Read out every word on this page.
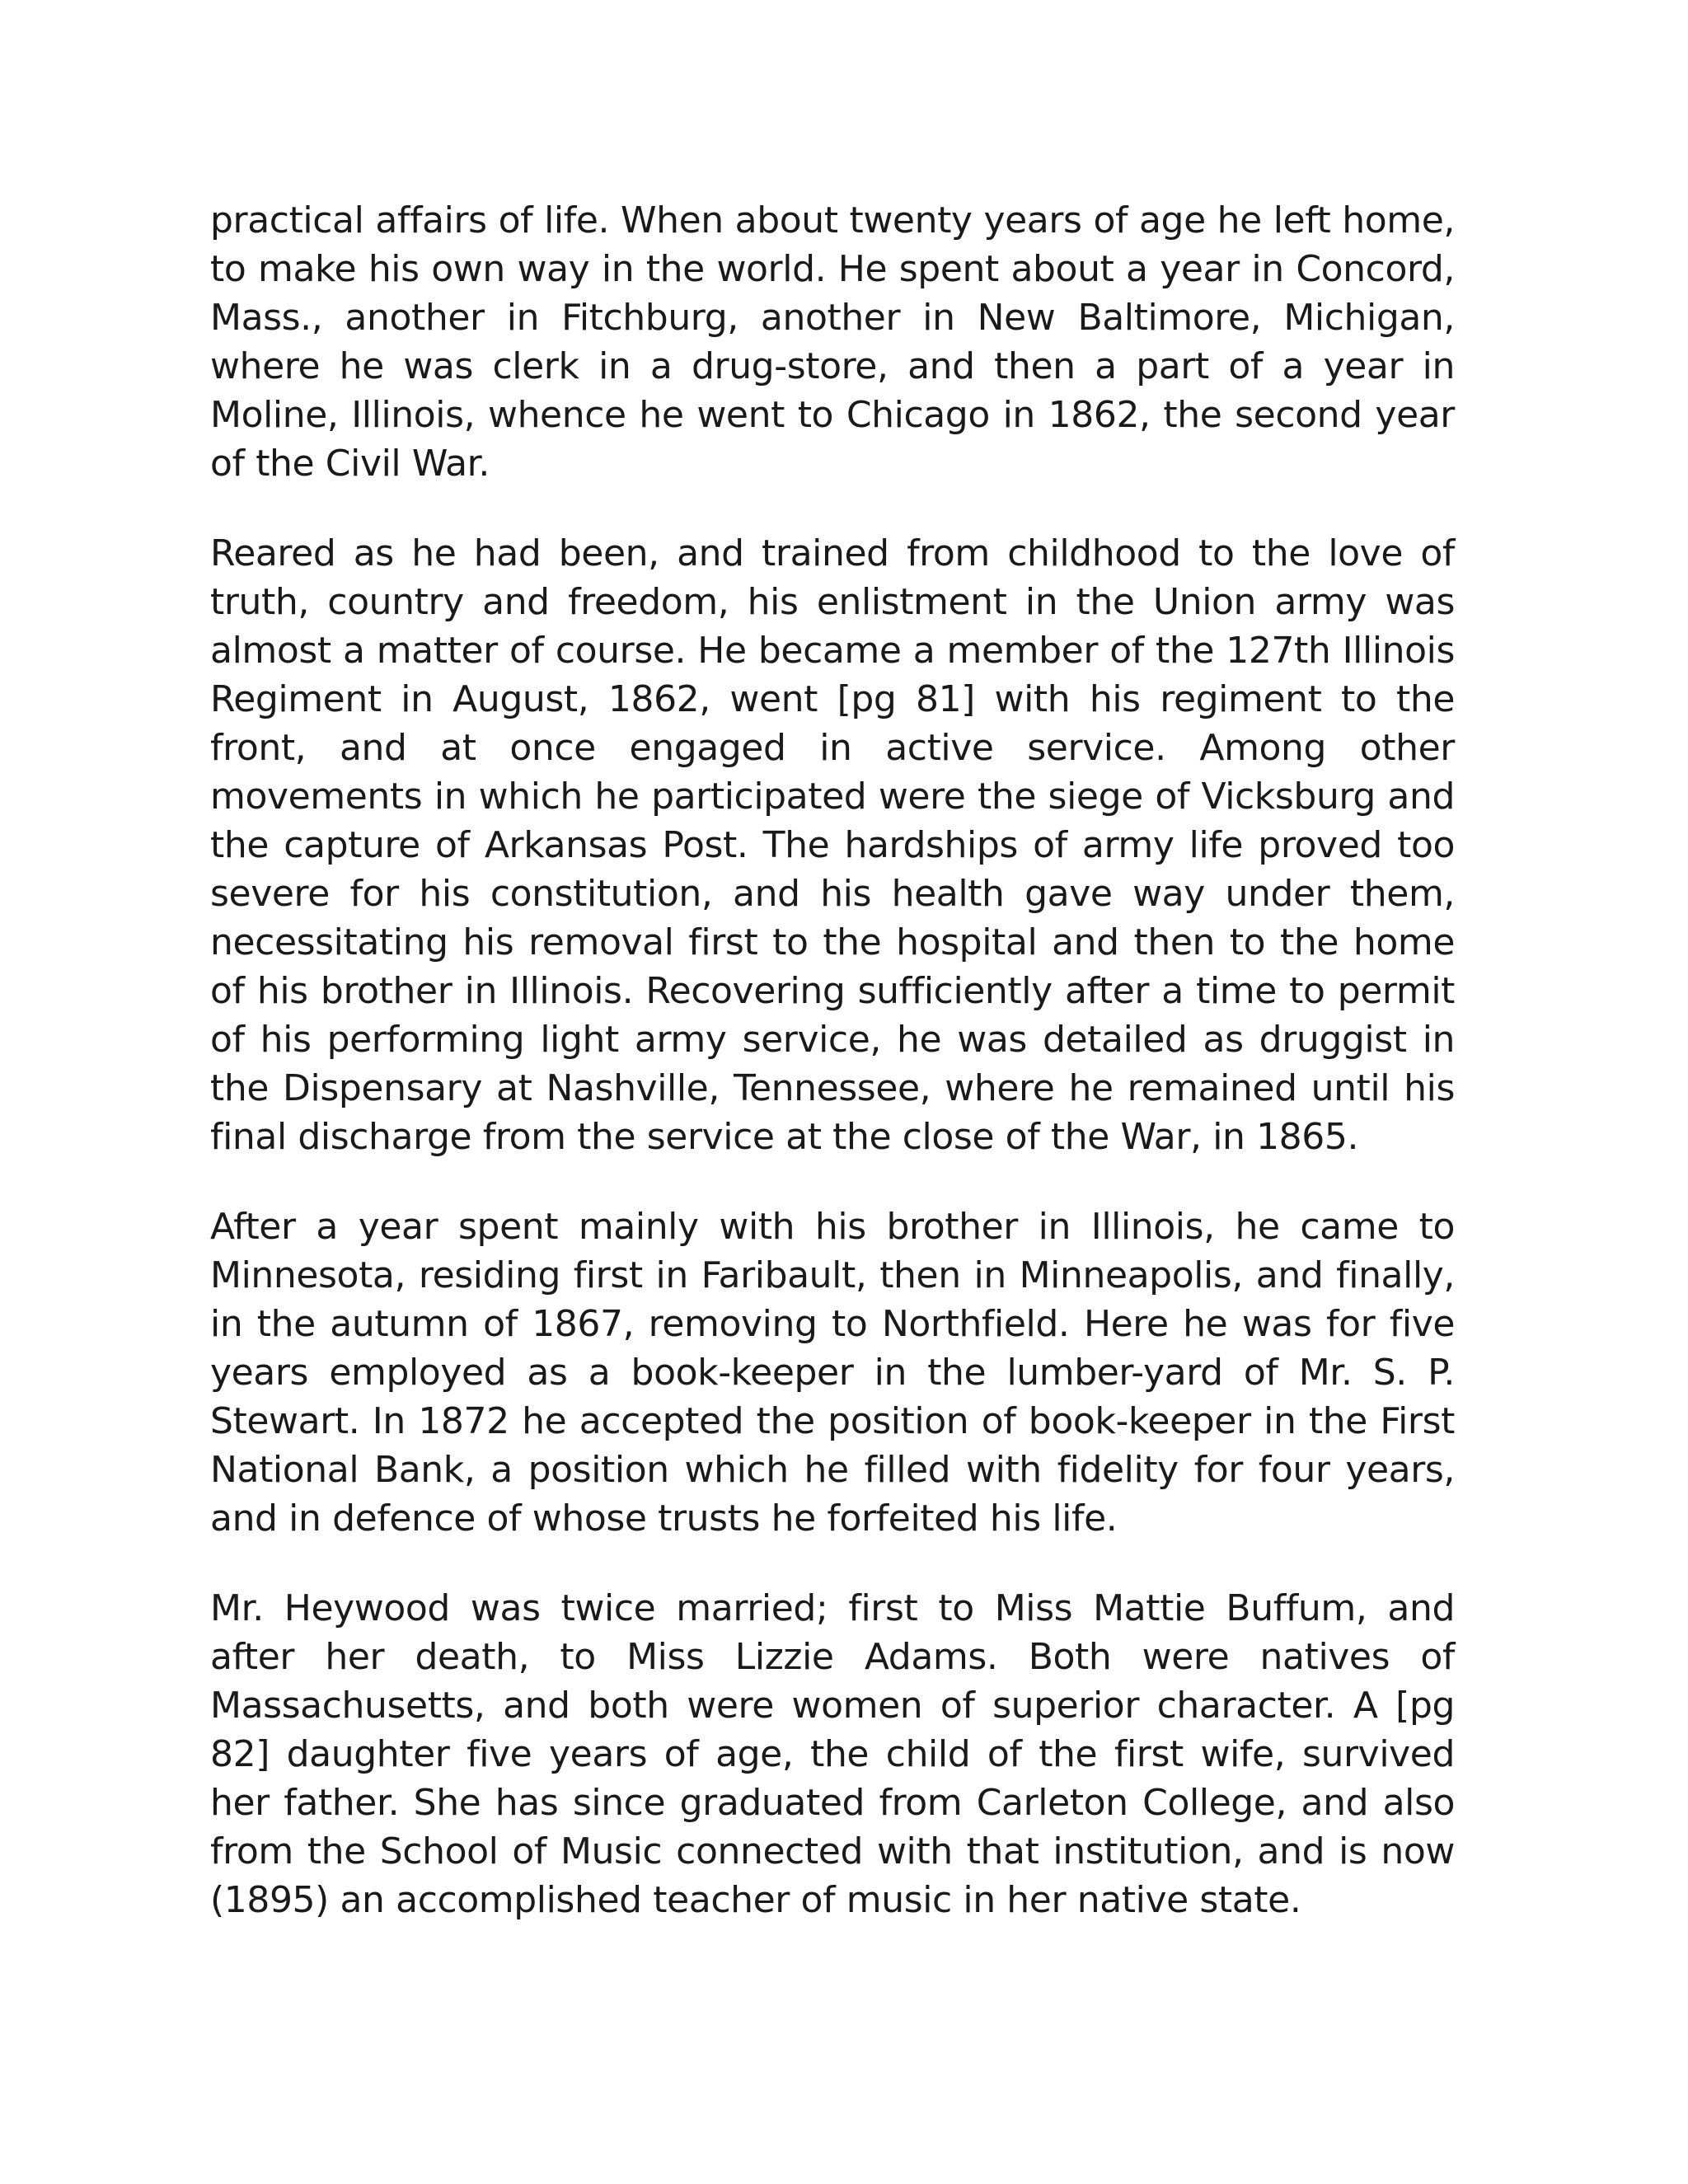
practical affairs of life. When about twenty years of age he left home, to make his own way in the world. He spent about a year in Concord, Mass., another in Fitchburg, another in New Baltimore, Michigan, where he was clerk in a drug-store, and then a part of a year in Moline, Illinois, whence he went to Chicago in 1862, the second year of the Civil War.

Reared as he had been, and trained from childhood to the love of truth, country and freedom, his enlistment in the Union army was almost a matter of course. He became a member of the 127th Illinois Regiment in August, 1862, went [pg 81] with his regiment to the front, and at once engaged in active service. Among other movements in which he participated were the siege of Vicksburg and the capture of Arkansas Post. The hardships of army life proved too severe for his constitution, and his health gave way under them, necessitating his removal first to the hospital and then to the home of his brother in Illinois. Recovering sufficiently after a time to permit of his performing light army service, he was detailed as druggist in the Dispensary at Nashville, Tennessee, where he remained until his final discharge from the service at the close of the War, in 1865.

After a year spent mainly with his brother in Illinois, he came to Minnesota, residing first in Faribault, then in Minneapolis, and finally, in the autumn of 1867, removing to Northfield. Here he was for five years employed as a book-keeper in the lumber-yard of Mr. S. P. Stewart. In 1872 he accepted the position of book-keeper in the First National Bank, a position which he filled with fidelity for four years, and in defence of whose trusts he forfeited his life.

Mr. Heywood was twice married; first to Miss Mattie Buffum, and after her death, to Miss Lizzie Adams. Both were natives of Massachusetts, and both were women of superior character. A [pg 82] daughter five years of age, the child of the first wife, survived her father. She has since graduated from Carleton College, and also from the School of Music connected with that institution, and is now (1895) an accomplished teacher of music in her native state.
